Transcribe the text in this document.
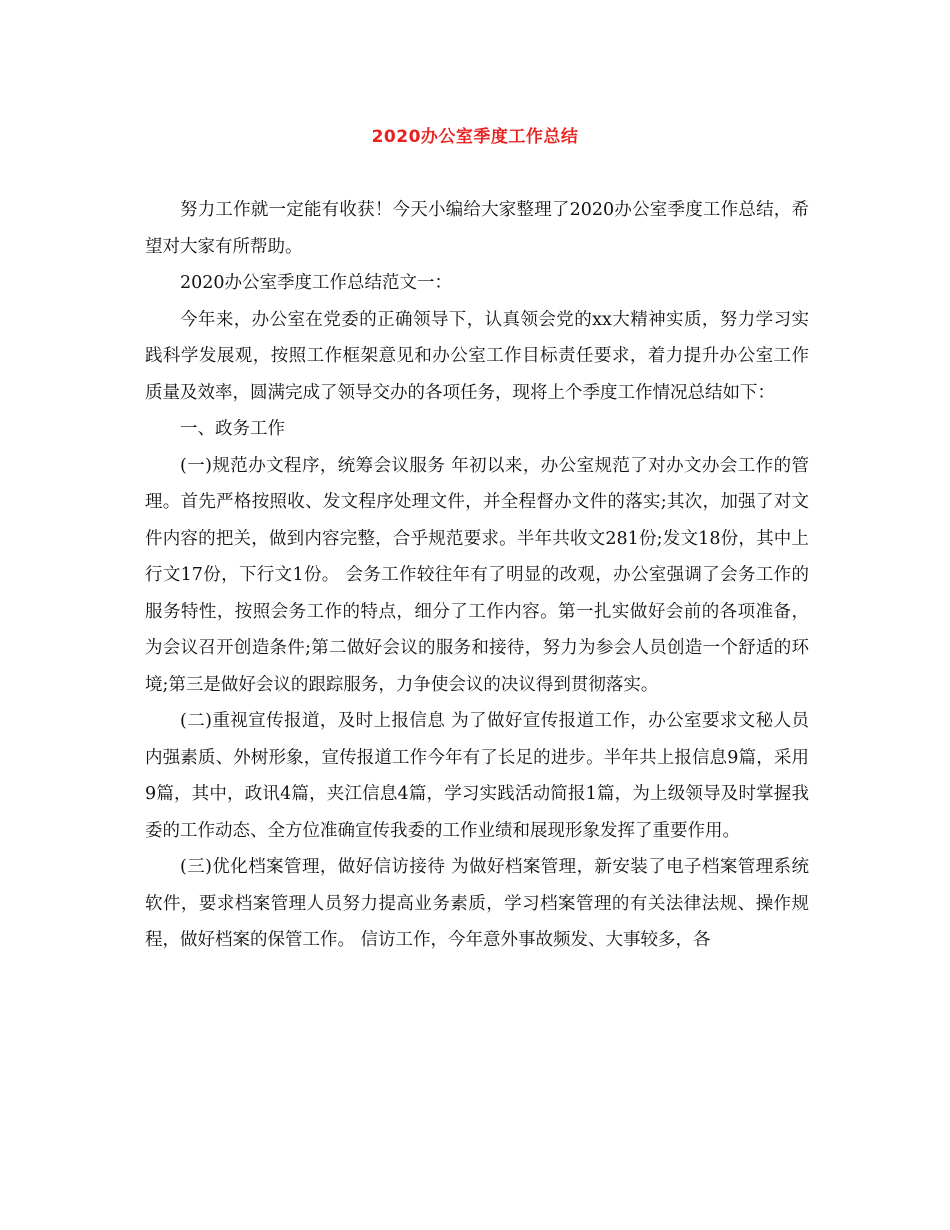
2020办公室季度工作总结

努力工作就一定能有收获！今天小编给大家整理了2020办公室季度工作总结，希望对大家有所帮助。

2020办公室季度工作总结范文一：

今年来，办公室在党委的正确领导下，认真领会党的xx大精神实质，努力学习实践科学发展观，按照工作框架意见和办公室工作目标责任要求，着力提升办公室工作质量及效率，圆满完成了领导交办的各项任务，现将上个季度工作情况总结如下：

一、政务工作

(一)规范办文程序，统筹会议服务 年初以来，办公室规范了对办文办会工作的管理。首先严格按照收、发文程序处理文件，并全程督办文件的落实;其次，加强了对文件内容的把关，做到内容完整，合乎规范要求。半年共收文281份;发文18份，其中上行文17份，下行文1份。 会务工作较往年有了明显的改观，办公室强调了会务工作的服务特性，按照会务工作的特点，细分了工作内容。第一扎实做好会前的各项准备，为会议召开创造条件;第二做好会议的服务和接待，努力为参会人员创造一个舒适的环境;第三是做好会议的跟踪服务，力争使会议的决议得到贯彻落实。

(二)重视宣传报道，及时上报信息 为了做好宣传报道工作，办公室要求文秘人员内强素质、外树形象，宣传报道工作今年有了长足的进步。半年共上报信息9篇，采用9篇，其中，政讯4篇，夹江信息4篇，学习实践活动简报1篇，为上级领导及时掌握我委的工作动态、全方位准确宣传我委的工作业绩和展现形象发挥了重要作用。

(三)优化档案管理，做好信访接待 为做好档案管理，新安装了电子档案管理系统软件，要求档案管理人员努力提高业务素质，学习档案管理的有关法律法规、操作规程，做好档案的保管工作。 信访工作，今年意外事故频发、大事较多，各
